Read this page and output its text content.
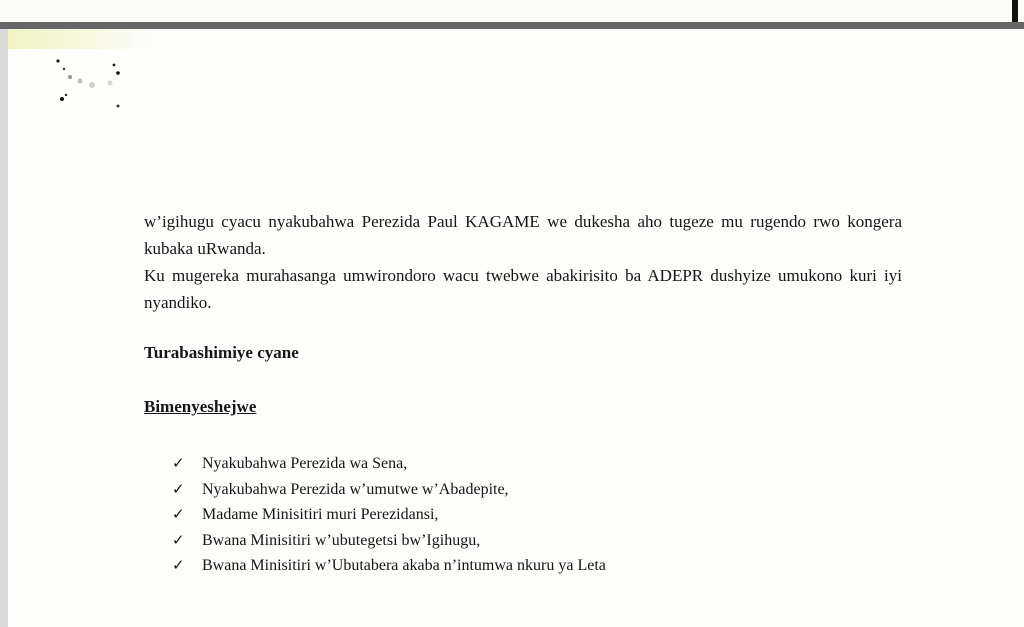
w’igihugu cyacu nyakubahwa Perezida Paul KAGAME we dukesha aho tugeze mu rugendo rwo kongera kubaka uRwanda.

Ku mugereka murahasanga umwirondoro wacu twebwe abakirisito ba ADEPR dushyize umukono kuri iyi nyandiko.

Turabashimiye cyane
Bimenyeshejwe
✓	Nyakubahwa Perezida wa Sena,
✓	Nyakubahwa Perezida w’umutwe w’Abadepite,
✓	Madame Minisitiri muri Perezidansi,
✓	Bwana Minisitiri w’ubutegetsi bw’Igihugu,
✓	Bwana Minisitiri w’Ubutabera akaba n’intumwa nkuru ya Leta
